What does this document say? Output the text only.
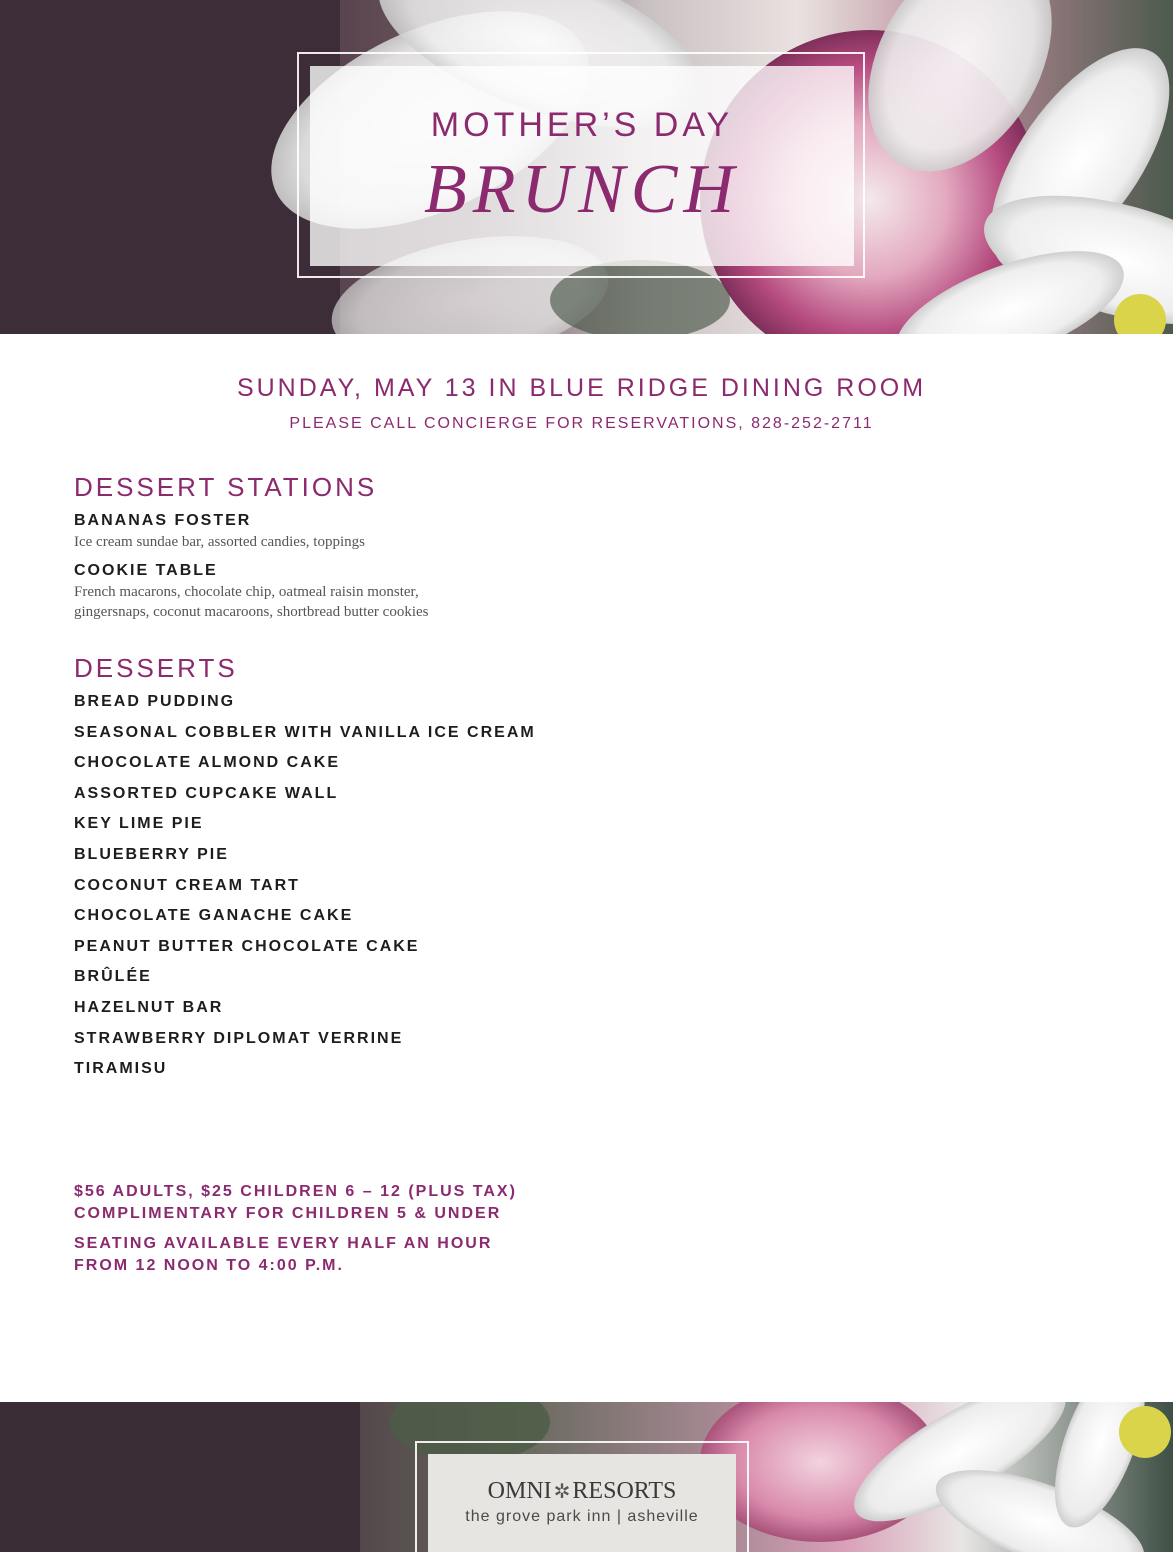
MOTHER’S DAY
BRUNCH
SUNDAY, MAY 13 IN BLUE RIDGE DINING ROOM
PLEASE CALL CONCIERGE FOR RESERVATIONS, 828-252-2711
DESSERT STATIONS
BANANAS FOSTER
Ice cream sundae bar, assorted candies, toppings
COOKIE TABLE
French macarons, chocolate chip, oatmeal raisin monster,
gingersnaps, coconut macaroons, shortbread butter cookies
DESSERTS
BREAD PUDDING
SEASONAL COBBLER WITH VANILLA ICE CREAM
CHOCOLATE ALMOND CAKE
ASSORTED CUPCAKE WALL
KEY LIME PIE
BLUEBERRY PIE
COCONUT CREAM TART
CHOCOLATE GANACHE CAKE
PEANUT BUTTER CHOCOLATE CAKE
BRÛLÉE
HAZELNUT BAR
STRAWBERRY DIPLOMAT VERRINE
TIRAMISU
$56 ADULTS, $25 CHILDREN 6 – 12 (PLUS TAX)
COMPLIMENTARY FOR CHILDREN 5 & UNDER
SEATING AVAILABLE EVERY HALF AN HOUR
FROM 12 NOON TO 4:00 P.M.
OMNI ✲RESORTS
the grove park inn | asheville
